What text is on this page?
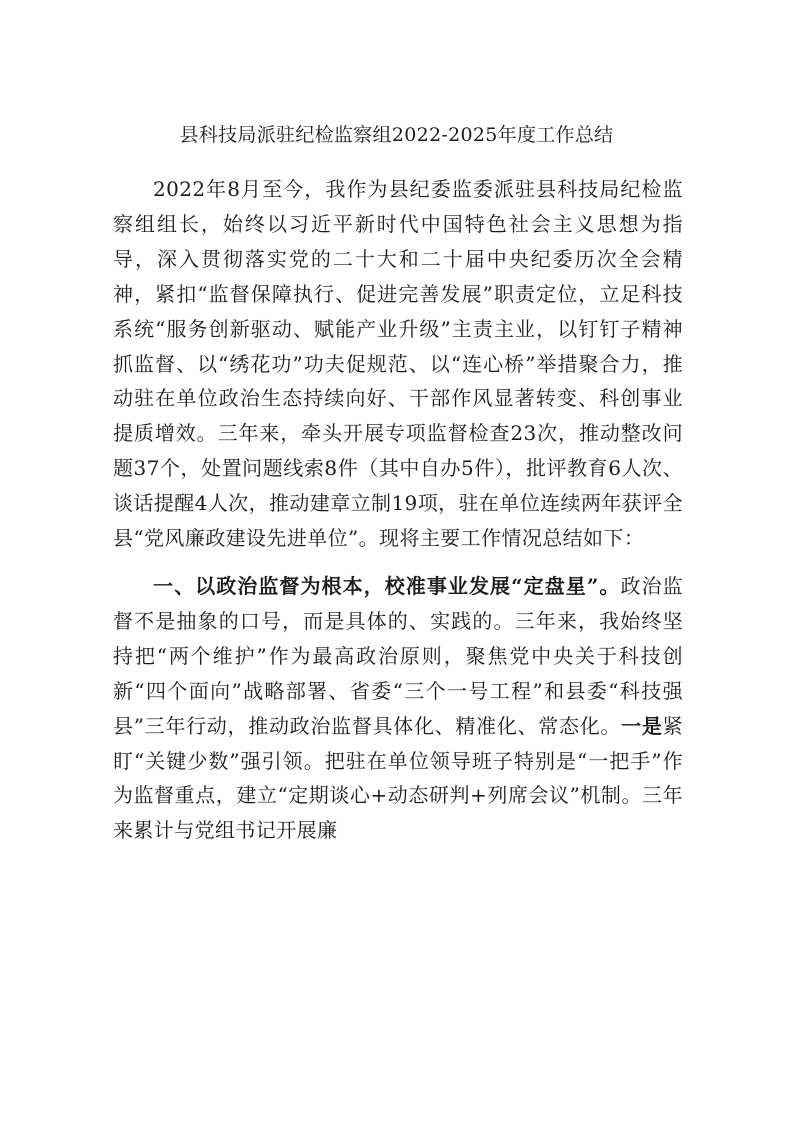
县科技局派驻纪检监察组2022-2025年度工作总结

2022年8月至今，我作为县纪委监委派驻县科技局纪检监察组组长，始终以习近平新时代中国特色社会主义思想为指导，深入贯彻落实党的二十大和二十届中央纪委历次全会精神，紧扣“监督保障执行、促进完善发展”职责定位，立足科技系统“服务创新驱动、赋能产业升级”主责主业，以钉钉子精神抓监督、以“绣花功”功夫促规范、以“连心桥”举措聚合力，推动驻在单位政治生态持续向好、干部作风显著转变、科创事业提质增效。三年来，牵头开展专项监督检查23次，推动整改问题37个，处置问题线索8件（其中自办5件），批评教育6人次、谈话提醒4人次，推动建章立制19项，驻在单位连续两年获评全县“党风廉政建设先进单位”。现将主要工作情况总结如下：

一、以政治监督为根本，校准事业发展“定盘星”。政治监督不是抽象的口号，而是具体的、实践的。三年来，我始终坚持把“两个维护”作为最高政治原则，聚焦党中央关于科技创新“四个面向”战略部署、省委“三个一号工程”和县委“科技强县”三年行动，推动政治监督具体化、精准化、常态化。一是紧盯“关键少数”强引领。把驻在单位领导班子特别是“一把手”作为监督重点，建立“定期谈心+动态研判+列席会议”机制。三年来累计与党组书记开展廉
